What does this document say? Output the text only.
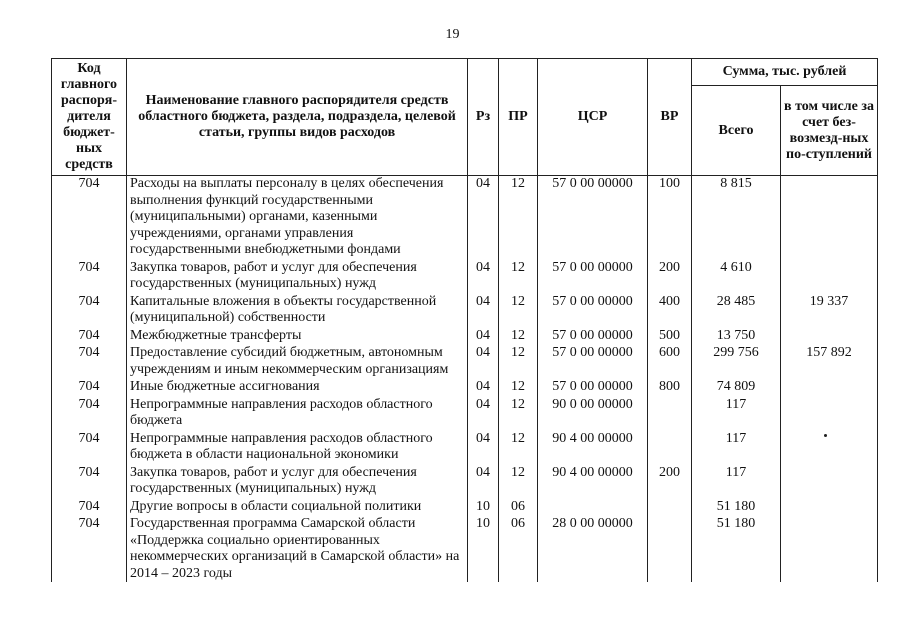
19
Код главного распоря-дителя бюджет-ных средств	Наименование главного распорядителя средств областного бюджета, раздела, подраздела, целевой статьи, группы видов расходов	Рз	ПР	ЦСР	ВР	Сумма, тыс. рублей	
						Всего	в том числе за счет без-возмезд-ных по-ступлений
704	Расходы на выплаты персоналу в целях обеспечения выполнения функций государственными (муниципальными) органами, казенными учреждениями, органами управления государственными внебюджетными фондами	04	12	57 0 00 00000	100	8 815	
704	Закупка товаров, работ и услуг для обеспечения государственных (муниципальных) нужд	04	12	57 0 00 00000	200	4 610	
704	Капитальные вложения в объекты государственной (муниципальной) собственности	04	12	57 0 00 00000	400	28 485	19 337
704	Межбюджетные трансферты	04	12	57 0 00 00000	500	13 750	
704	Предоставление субсидий бюджетным, автономным учреждениям и иным некоммерческим организациям	04	12	57 0 00 00000	600	299 756	157 892
704	Иные бюджетные ассигнования	04	12	57 0 00 00000	800	74 809	
704	Непрограммные направления расходов областного бюджета	04	12	90 0 00 00000		117	
704	Непрограммные направления расходов областного бюджета в области национальной экономики	04	12	90 4 00 00000		117	
704	Закупка товаров, работ и услуг для обеспечения государственных (муниципальных) нужд	04	12	90 4 00 00000	200	117	
704	Другие вопросы в области социальной политики	10	06			51 180	
704	Государственная программа Самарской области «Поддержка социально ориентированных некоммерческих организаций в Самарской области» на 2014 – 2023 годы	10	06	28 0 00 00000		51 180	
